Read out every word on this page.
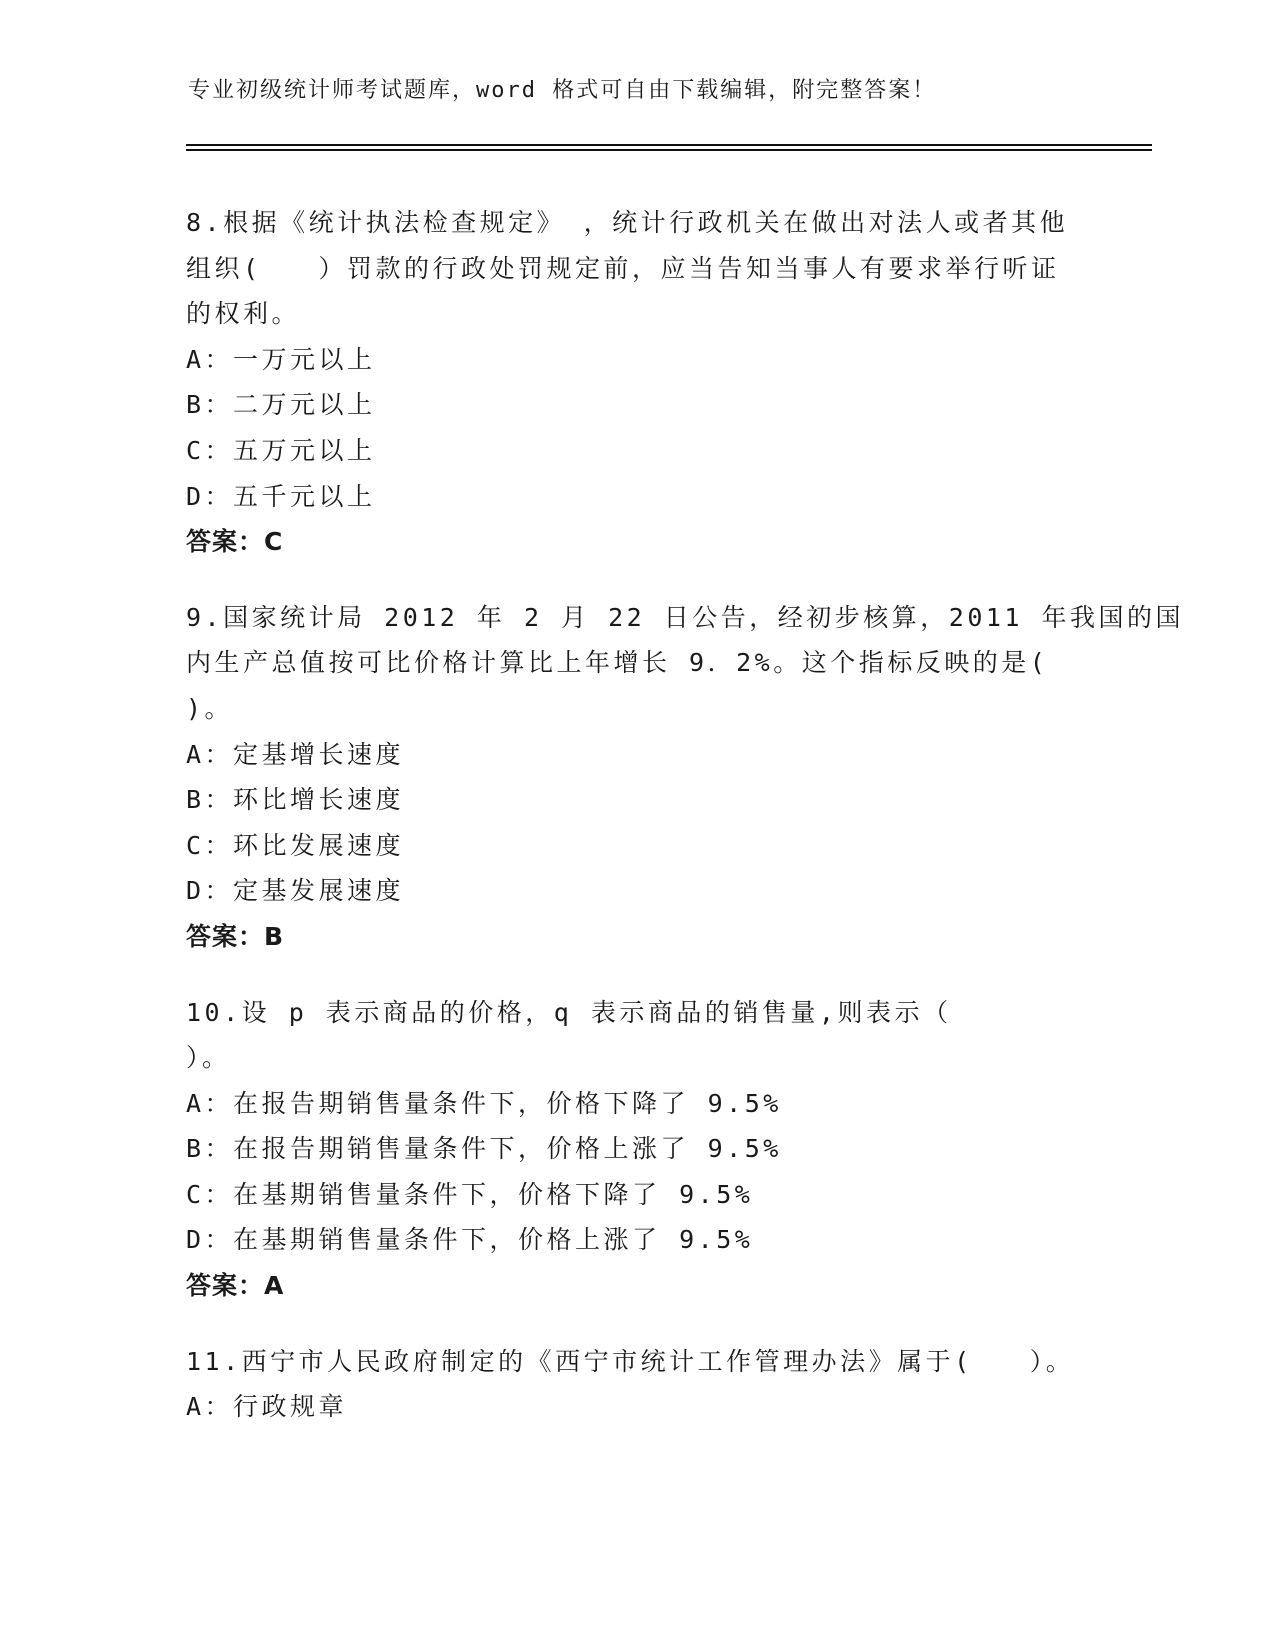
专业初级统计师考试题库，word 格式可自由下载编辑，附完整答案！
8.根据《统计执法检查规定》 ，统计行政机关在做出对法人或者其他
组织(　　）罚款的行政处罚规定前，应当告知当事人有要求举行听证
的权利。
A：一万元以上
B：二万元以上
C：五万元以上
D：五千元以上
答案：C
9.国家统计局 2012 年 2 月 22 日公告，经初步核算，2011 年我国的国
内生产总值按可比价格计算比上年增长 9．2%。这个指标反映的是(
)。
A：定基增长速度
B：环比增长速度
C：环比发展速度
D：定基发展速度
答案：B
10.设 p 表示商品的价格，q 表示商品的销售量,则表示（
）。
A：在报告期销售量条件下，价格下降了 9.5%
B：在报告期销售量条件下，价格上涨了 9.5%
C：在基期销售量条件下，价格下降了 9.5%
D：在基期销售量条件下，价格上涨了 9.5%
答案：A
11.西宁市人民政府制定的《西宁市统计工作管理办法》属于(　　）。
A：行政规章
